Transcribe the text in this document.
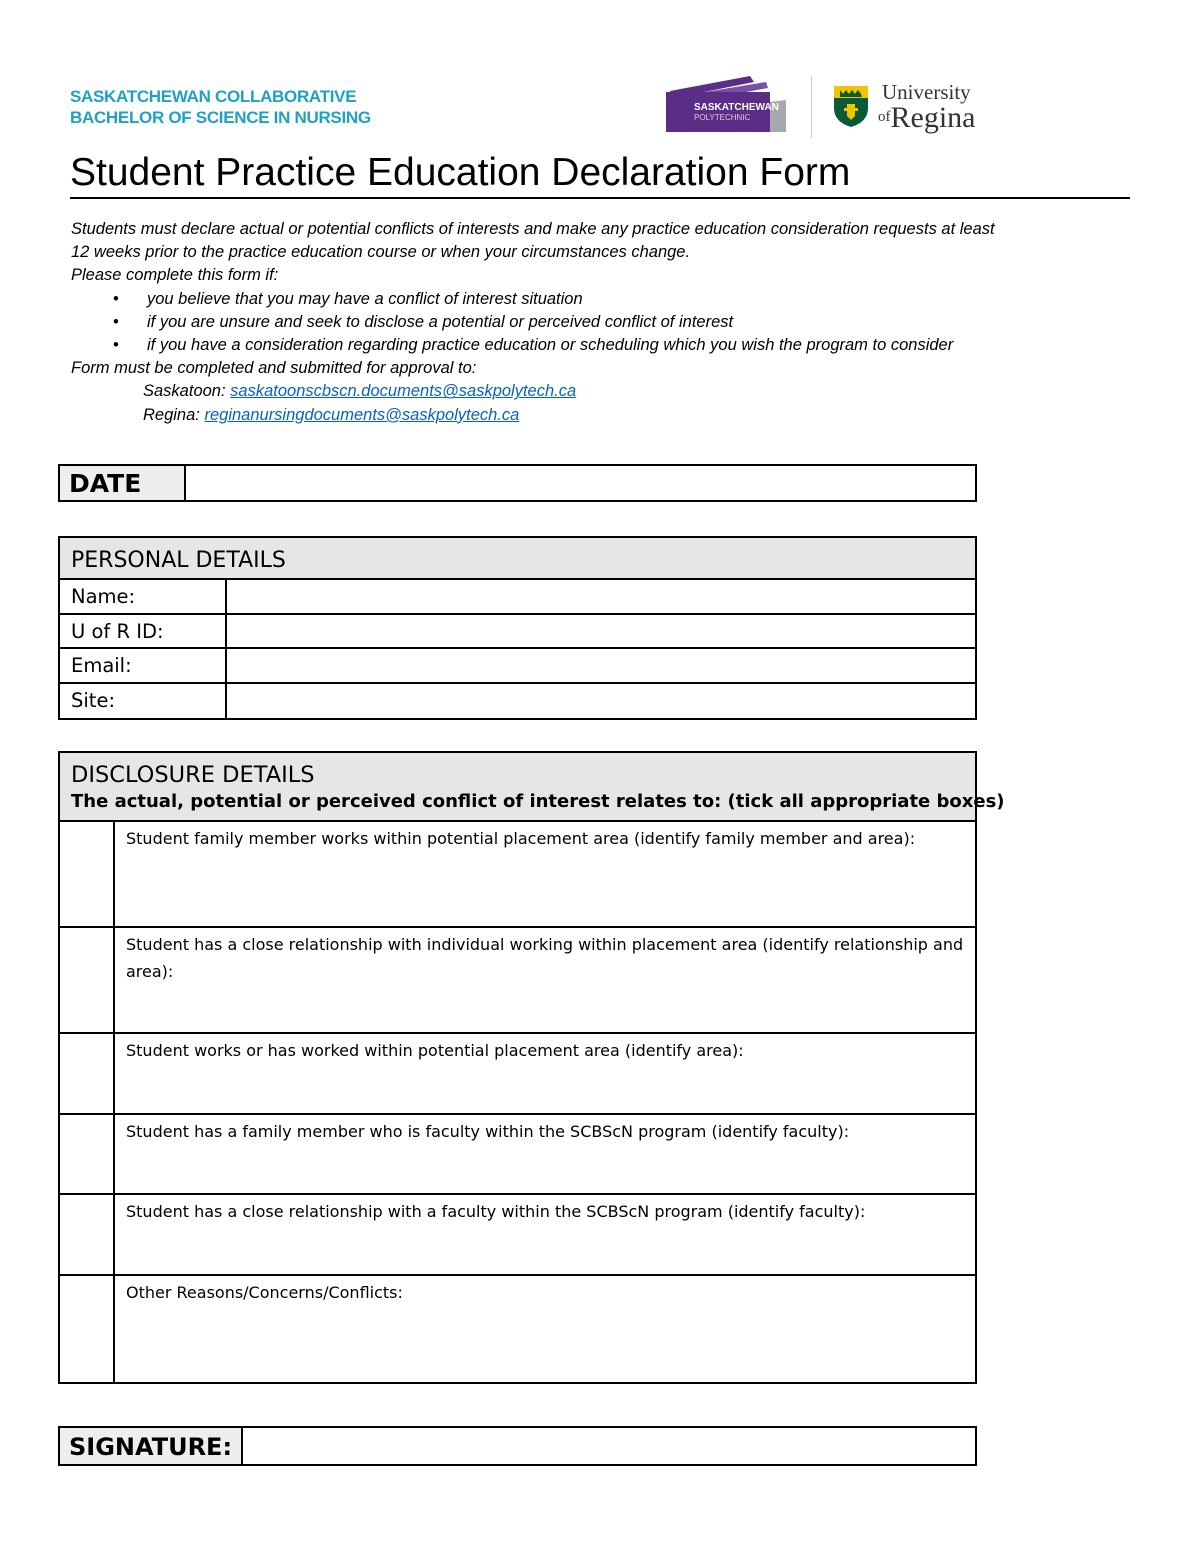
SASKATCHEWAN COLLABORATIVE
BACHELOR OF SCIENCE IN NURSING
SASKATCHEWAN
POLYTECHNIC
University
ofRegina
Student Practice Education Declaration Form

Students must declare actual or potential conflicts of interests and make any practice education consideration requests at least

12 weeks prior to the practice education course or when your circumstances change.

Please complete this form if:

• you believe that you may have a conflict of interest situation
• if you are unsure and seek to disclose a potential or perceived conflict of interest
• if you have a consideration regarding practice education or scheduling which you wish the program to consider

Form must be completed and submitted for approval to:

Saskatoon: saskatoonscbscn.documents@saskpolytech.ca

Regina: reginanursingdocuments@saskpolytech.ca

DATE
PERSONAL DETAILS
Name:
U of R ID:
Email:
Site:
DISCLOSURE DETAILS
The actual, potential or perceived conflict of interest relates to: (tick all appropriate boxes)
Student family member works within potential placement area (identify family member and area):
Student has a close relationship with individual working within placement area (identify relationship and area):
Student works or has worked within potential placement area (identify area):
Student has a family member who is faculty within the SCBScN program (identify faculty):
Student has a close relationship with a faculty within the SCBScN program (identify faculty):
Other Reasons/Concerns/Conflicts:
SIGNATURE:
